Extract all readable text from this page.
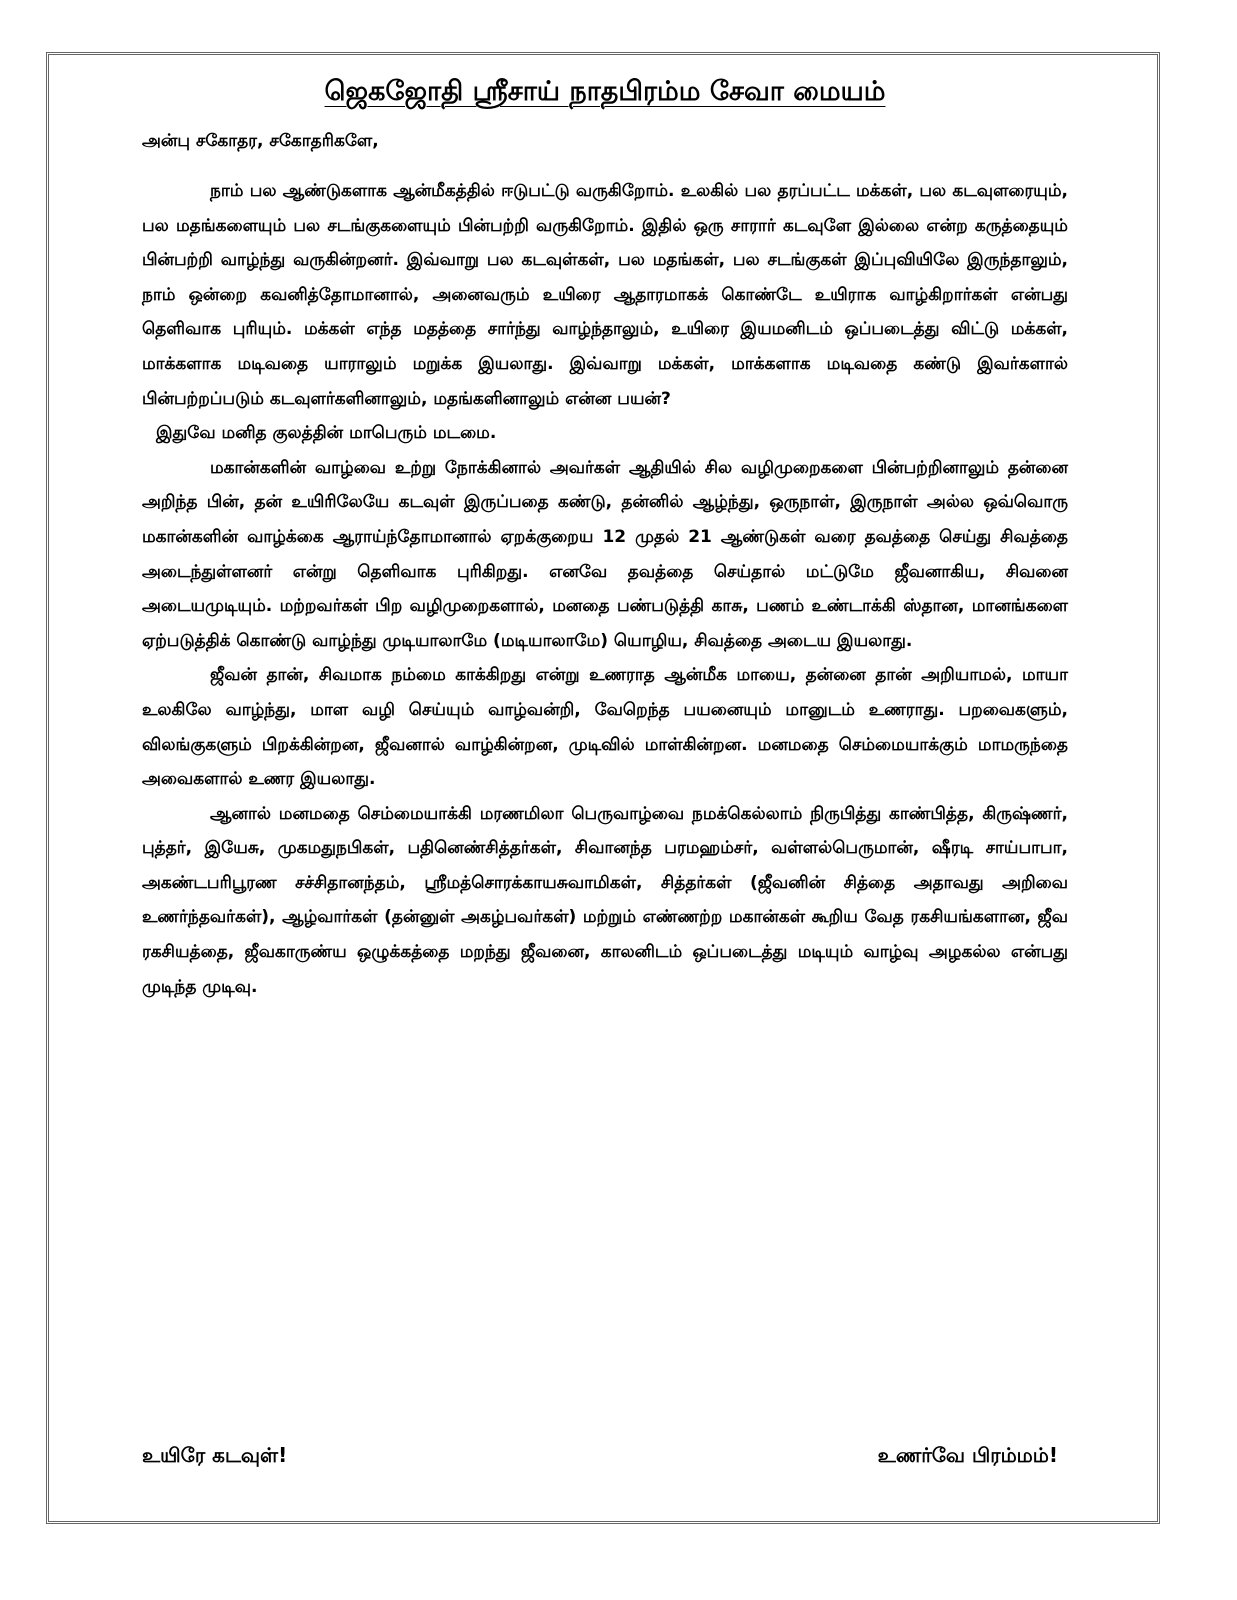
ஜெகஜோதி ஸ்ரீசாய் நாதபிரம்ம சேவா மையம்
அன்பு சகோதர, சகோதரிகளே,

நாம் பல ஆண்டுகளாக ஆன்மீகத்தில் ஈடுபட்டு வருகிறோம். உலகில் பல தரப்பட்ட மக்கள், பல கடவுளரையும், பல மதங்களையும் பல சடங்குகளையும் பின்பற்றி வருகிறோம். இதில் ஒரு சாரார் கடவுளே இல்லை என்ற கருத்தையும் பின்பற்றி வாழ்ந்து வருகின்றனர். இவ்வாறு பல கடவுள்கள், பல மதங்கள், பல சடங்குகள் இப்புவியிலே இருந்தாலும், நாம் ஒன்றை கவனித்தோமானால், அனைவரும் உயிரை ஆதாரமாகக் கொண்டே உயிராக வாழ்கிறார்கள் என்பது தெளிவாக புரியும். மக்கள் எந்த மதத்தை சார்ந்து வாழ்ந்தாலும், உயிரை இயமனிடம் ஒப்படைத்து விட்டு மக்கள், மாக்களாக மடிவதை யாராலும் மறுக்க இயலாது. இவ்வாறு மக்கள், மாக்களாக மடிவதை கண்டு இவர்களால் பின்பற்றப்படும் கடவுளர்களினாலும், மதங்களினாலும் என்ன பயன்?

இதுவே மனித குலத்தின் மாபெரும் மடமை.

மகான்களின் வாழ்வை உற்று நோக்கினால் அவர்கள் ஆதியில் சில வழிமுறைகளை பின்பற்றினாலும் தன்னை அறிந்த பின், தன் உயிரிலேயே கடவுள் இருப்பதை கண்டு, தன்னில் ஆழ்ந்து, ஒருநாள், இருநாள் அல்ல ஒவ்வொரு மகான்களின் வாழ்க்கை ஆராய்ந்தோமானால் ஏறக்குறைய 12 முதல் 21 ஆண்டுகள் வரை தவத்தை செய்து சிவத்தை அடைந்துள்ளனர் என்று தெளிவாக புரிகிறது. எனவே தவத்தை செய்தால் மட்டுமே ஜீவனாகிய, சிவனை அடையமுடியும். மற்றவர்கள் பிற வழிமுறைகளால், மனதை பண்படுத்தி காசு, பணம் உண்டாக்கி ஸ்தான, மானங்களை ஏற்படுத்திக் கொண்டு வாழ்ந்து முடியாலாமே (மடியாலாமே) யொழிய, சிவத்தை அடைய இயலாது.

ஜீவன் தான், சிவமாக நம்மை காக்கிறது என்று உணராத ஆன்மீக மாயை, தன்னை தான் அறியாமல், மாயா உலகிலே வாழ்ந்து, மாள வழி செய்யும் வாழ்வன்றி, வேறெந்த பயனையும் மானுடம் உணராது. பறவைகளும், விலங்குகளும் பிறக்கின்றன, ஜீவனால் வாழ்கின்றன, முடிவில் மாள்கின்றன. மனமதை செம்மையாக்கும் மாமருந்தை அவைகளால் உணர இயலாது.

ஆனால் மனமதை செம்மையாக்கி மரணமிலா பெருவாழ்வை நமக்கெல்லாம் நிருபித்து காண்பித்த, கிருஷ்ணர், புத்தர், இயேசு, முகமதுநபிகள், பதினெண்சித்தர்கள், சிவானந்த பரமஹம்சர், வள்ளல்பெருமான், ஷீரடி சாய்பாபா, அகண்டபரிபூரண சச்சிதானந்தம், ஸ்ரீமத்சொரக்காயசுவாமிகள், சித்தர்கள் (ஜீவனின் சித்தை அதாவது அறிவை உணர்ந்தவர்கள்), ஆழ்வார்கள் (தன்னுள் அகழ்பவர்கள்) மற்றும் எண்ணற்ற மகான்கள் கூறிய வேத ரகசியங்களான, ஜீவ ரகசியத்தை, ஜீவகாருண்ய ஒழுக்கத்தை மறந்து ஜீவனை, காலனிடம் ஒப்படைத்து மடியும் வாழ்வு அழகல்ல என்பது முடிந்த முடிவு.

உயிரே கடவுள்!	உணர்வே பிரம்மம்!
